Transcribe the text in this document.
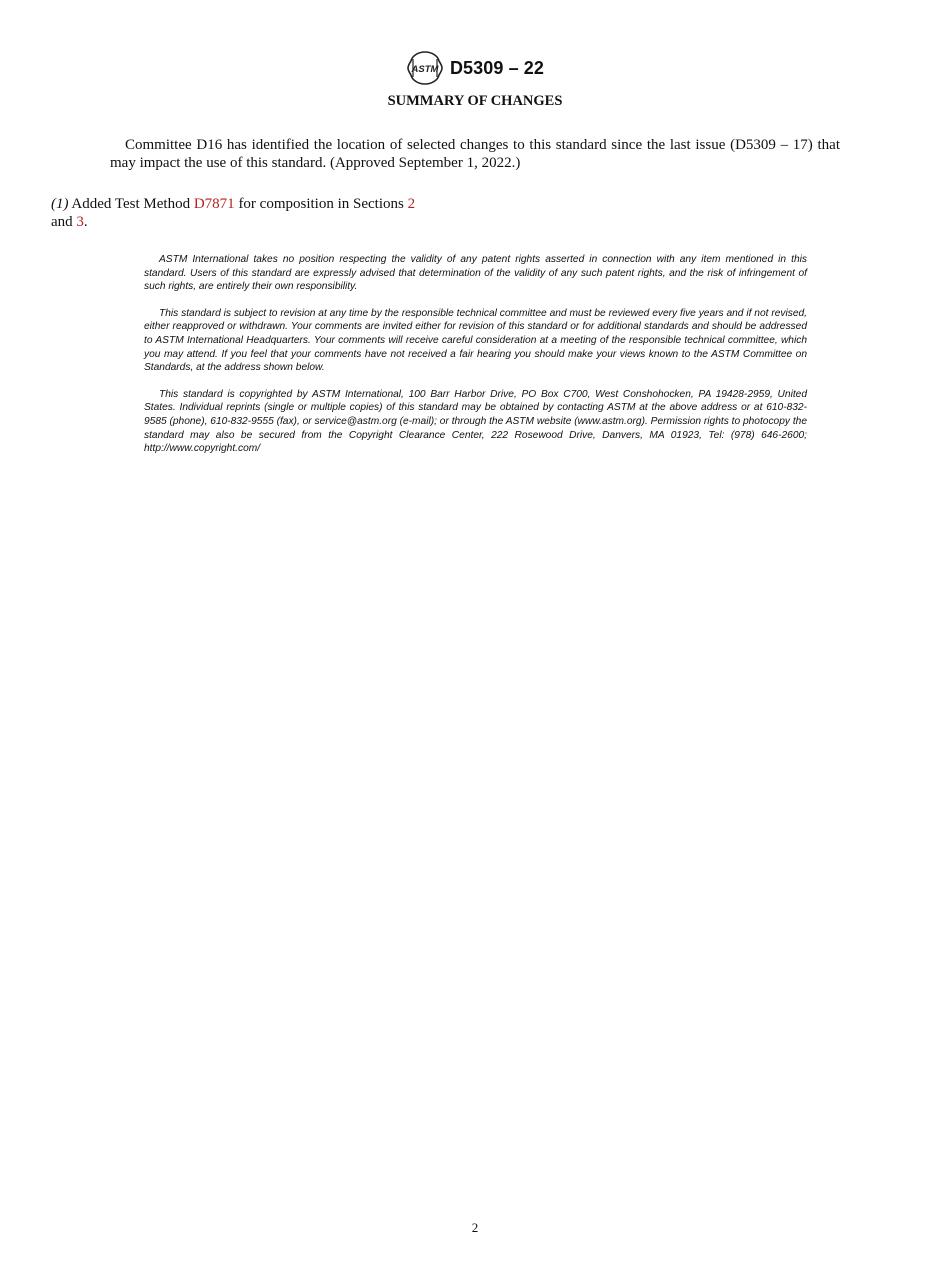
ASTM D5309 – 22
SUMMARY OF CHANGES

Committee D16 has identified the location of selected changes to this standard since the last issue (D5309 – 17) that may impact the use of this standard. (Approved September 1, 2022.)

(1) Added Test Method D7871 for composition in Sections 2
and 3.

ASTM International takes no position respecting the validity of any patent rights asserted in connection with any item mentioned in this standard. Users of this standard are expressly advised that determination of the validity of any such patent rights, and the risk of infringement of such rights, are entirely their own responsibility.

This standard is subject to revision at any time by the responsible technical committee and must be reviewed every five years and if not revised, either reapproved or withdrawn. Your comments are invited either for revision of this standard or for additional standards and should be addressed to ASTM International Headquarters. Your comments will receive careful consideration at a meeting of the responsible technical committee, which you may attend. If you feel that your comments have not received a fair hearing you should make your views known to the ASTM Committee on Standards, at the address shown below.

This standard is copyrighted by ASTM International, 100 Barr Harbor Drive, PO Box C700, West Conshohocken, PA 19428-2959, United States. Individual reprints (single or multiple copies) of this standard may be obtained by contacting ASTM at the above address or at 610-832-9585 (phone), 610-832-9555 (fax), or service@astm.org (e-mail); or through the ASTM website (www.astm.org). Permission rights to photocopy the standard may also be secured from the Copyright Clearance Center, 222 Rosewood Drive, Danvers, MA 01923, Tel: (978) 646-2600; http://www.copyright.com/

2
